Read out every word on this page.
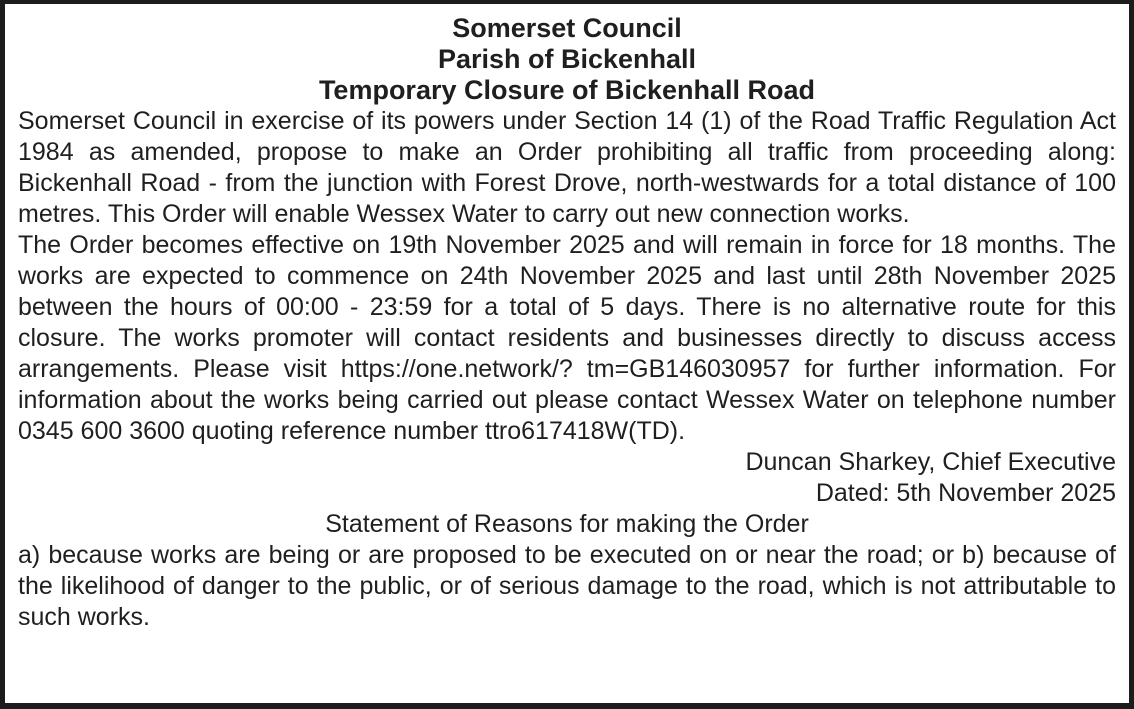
Somerset Council
Parish of Bickenhall
Temporary Closure of Bickenhall Road

Somerset Council in exercise of its powers under Section 14 (1) of the Road Traffic Regulation Act 1984 as amended, propose to make an Order prohibiting all traffic from proceeding along: Bickenhall Road - from the junction with Forest Drove, north-westwards for a total distance of 100 metres. This Order will enable Wessex Water to carry out new connection works.

The Order becomes effective on 19th November 2025 and will remain in force for 18 months. The works are expected to commence on 24th November 2025 and last until 28th November 2025 between the hours of 00:00 - 23:59 for a total of 5 days. There is no alternative route for this closure. The works promoter will contact residents and businesses directly to discuss access arrangements. Please visit https://one.network/? tm=GB146030957 for further information. For information about the works being carried out please contact Wessex Water on telephone number 0345 600 3600 quoting reference number ttro617418W(TD).

Duncan Sharkey, Chief Executive
Dated: 5th November 2025
Statement of Reasons for making the Order

a) because works are being or are proposed to be executed on or near the road; or b) because of the likelihood of danger to the public, or of serious damage to the road, which is not attributable to such works.
